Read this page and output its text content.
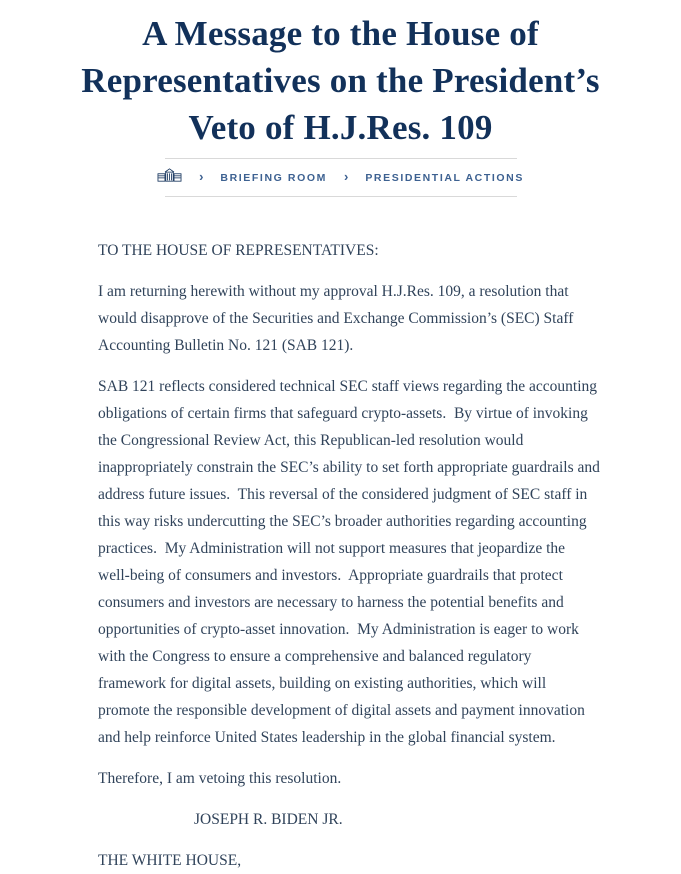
A Message to the House of
Representatives on the President’s
Veto of H.J.Res. 109
› BRIEFING ROOM › PRESIDENTIAL ACTIONS

TO THE HOUSE OF REPRESENTATIVES:

I am returning herewith without my approval H.J.Res. 109, a resolution that would disapprove of the Securities and Exchange Commission’s (SEC) Staff Accounting Bulletin No. 121 (SAB 121).

SAB 121 reflects considered technical SEC staff views regarding the accounting obligations of certain firms that safeguard crypto-assets.  By virtue of invoking the Congressional Review Act, this Republican-led resolution would inappropriately constrain the SEC’s ability to set forth appropriate guardrails and address future issues.  This reversal of the considered judgment of SEC staff in this way risks undercutting the SEC’s broader authorities regarding accounting practices.  My Administration will not support measures that jeopardize the well-being of consumers and investors.  Appropriate guardrails that protect consumers and investors are necessary to harness the potential benefits and opportunities of crypto-asset innovation.  My Administration is eager to work with the Congress to ensure a comprehensive and balanced regulatory framework for digital assets, building on existing authorities, which will promote the responsible development of digital assets and payment innovation and help reinforce United States leadership in the global financial system.

Therefore, I am vetoing this resolution.

JOSEPH R. BIDEN JR.

THE WHITE HOUSE,
